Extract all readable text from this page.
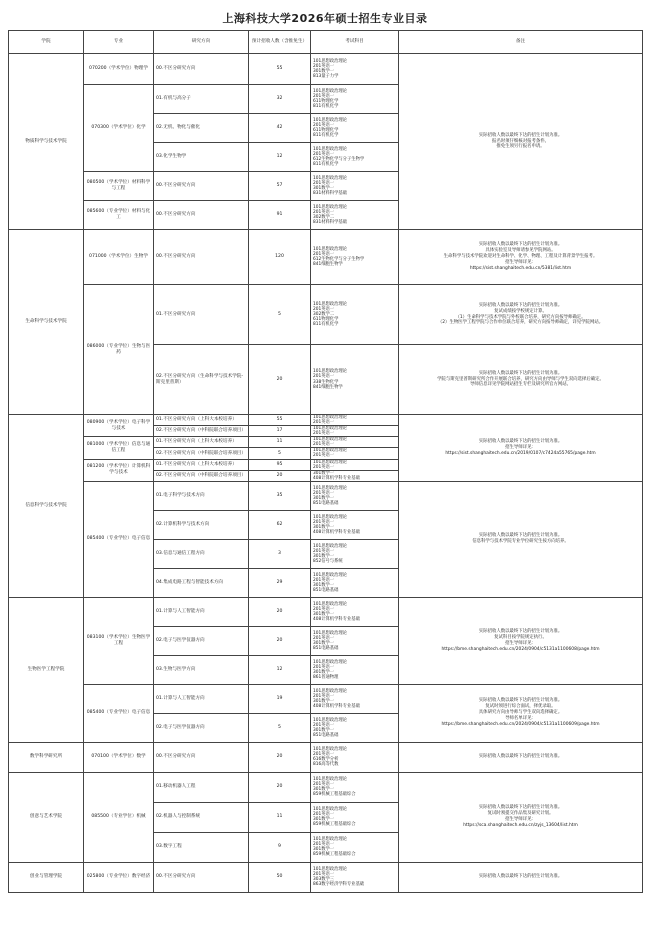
上海科技大学2026年硕士招生专业目录
学院	专业	研究方向	预计招收人数（含推免生）	考试科目	备注
物质科学与技术学院	070200（学术学位）物理学	00.不区分研究方向	55	101思想政治理论
201英语一
301数学一
813量子力学	实际招收人数以最终下达的招生计划为准。
报名时须仔细核对报考条件。
推免生须另行报名申请。

	070300（学术学位）化学	01.有机与高分子	32	101思想政治理论
201英语一
611物理化学
811有机化学	

		02.无机、物化与催化	42	101思想政治理论
201英语一
611物理化学
811有机化学	

		03.化学生物学	12	101思想政治理论
201英语一
612生物化学与分子生物学
811有机化学	

	080500（学术学位）材料科学与工程	00.不区分研究方向	57	101思想政治理论
201英语一
301数学一
831材料科学基础	

	085600（专业学位）材料与化工	00.不区分研究方向	91	101思想政治理论
201英语一
302数学二
831材料科学基础	

生命科学与技术学院	071000（学术学位）生物学	00.不区分研究方向	120	101思想政治理论
201英语一
612生物化学与分子生物学
841细胞生物学	实际招收人数以最终下达的招生计划为准。
具体实验室及导师请参见学院网站。
生命科学与技术学院欢迎对生命科学、化学、物理、工程及计算背景学生报考。
招生导师详见：
https://sist.shanghaitech.edu.cn/5381/list.htm

	086000（专业学位）生物与医药	01.不区分研究方向	5	101思想政治理论
201英语一
302数学二
611物理化学
811有机化学	实际招收人数以最终下达的招生计划为准。
复试成绩按学校规定计算。
（1）生命科学与技术学院与外校联合培养，研究方向按导师确定。
（2）生物医学工程学院与合作单位联合培养，研究方向按导师确定，详见学院网站。

		02.不区分研究方向（生命科学与技术学院-斯克里普斯）	20	101思想政治理论
201英语一
338生物化学
841细胞生物学	实际招收人数以最终下达的招生计划为准。
学院与斯克里普斯研究所合作开展联合培养，研究方向由导师与学生双向选择后确定。
导师信息详见学院网站招生专栏及研究所官方网站。

信息科学与技术学院	080900（学术学位）电子科学与技术	01.不区分研究方向（上科大本校培养）	55	101思想政治理论
201英语一	实际招收人数以最终下达的招生计划为准。
招生导师详见：
https://sist.shanghaitech.edu.cn/2019/0107/c7424a55765/page.htm

		02.不区分研究方向（中科院联合培养项目）	17	101思想政治理论
201英语一	

	081000（学术学位）信息与通信工程	01.不区分研究方向（上科大本校培养）	11	101思想政治理论
201英语一	

		02.不区分研究方向（中科院联合培养项目）	5	101思想政治理论
201英语一	

	081200（学术学位）计算机科学与技术	01.不区分研究方向（上科大本校培养）	95	101思想政治理论
201英语一	

		02.不区分研究方向（中科院联合培养项目）	20	301数学一
408计算机学科专业基础	

	085400（专业学位）电子信息	01.电子科学与技术方向	35	101思想政治理论
201英语一
301数学一
851电路基础	实际招收人数以最终下达的招生计划为准。
信息科学与技术学院专业学位研究生按方向培养。

		02.计算机科学与技术方向	62	101思想政治理论
201英语一
301数学一
408计算机学科专业基础	

		03.信息与通信工程方向	3	101思想政治理论
201英语一
301数学一
852信号与系统	

		04.集成电路工程与智能技术方向	29	101思想政治理论
201英语一
301数学一
851电路基础	

生物医学工程学院	083100（学术学位）生物医学工程	01.计算与人工智能方向	20	101思想政治理论
201英语一
301数学一
408计算机学科专业基础	实际招收人数以最终下达的招生计划为准。
复试科目按学院规定执行。
招生导师详见：
https://bme.shanghaitech.edu.cn/2024/0904/c5131a1100608/page.htm

		02.电子与医学仪器方向	20	101思想政治理论
201英语一
301数学一
851电路基础	

		03.生物与医学方向	12	101思想政治理论
201英语一
301数学一
861普通物理	

	085400（专业学位）电子信息	01.计算与人工智能方向	19	101思想政治理论
201英语一
301数学一
408计算机学科专业基础	实际招收人数以最终下达的招生计划为准。
复试时须进行综合面试，择优录取。
具体研究方向由导师与学生双向选择确定。
导师名单详见：
https://bme.shanghaitech.edu.cn/2024/0904/c5131a1100609/page.htm

		02.电子与医学仪器方向	5	101思想政治理论
201英语一
301数学一
851电路基础	

数学科学研究所	070100（学术学位）数学	00.不区分研究方向	20	101思想政治理论
201英语一
616数学分析
816高等代数	实际招收人数以最终下达的招生计划为准。

创意与艺术学院	085500（专业学位）机械	01.移动机器人工程	20	101思想政治理论
201英语一
301数学一
859机械工程基础综合	实际招收人数以最终下达的招生计划为准。
复试时须提交作品集及研究计划。
招生导师详见：
https://sca.shanghaitech.edu.cn/zyjs_13604/list.htm

		02.机器人与控制系统	11	101思想政治理论
201英语一
301数学一
859机械工程基础综合	

		03.数字工程	9	101思想政治理论
201英语一
301数学一
859机械工程基础综合	

创业与管理学院	025800（专业学位）数字经济	00.不区分研究方向	50	101思想政治理论
201英语一
303数学三
863数字经济学科专业基础	实际招收人数以最终下达的招生计划为准。
